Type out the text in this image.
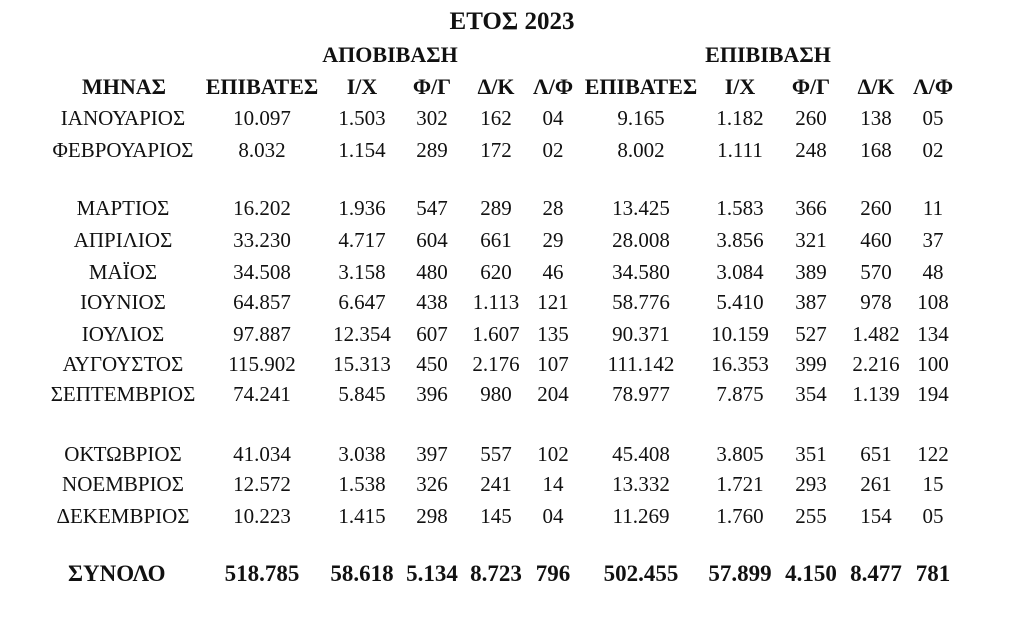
ΕΤΟΣ 2023
ΑΠΟΒΙΒΑΣΗ	ΕΠΙΒΙΒΑΣΗ
ΜΗΝΑΣ ΕΠΙΒΑΤΕΣ Ι/Χ Φ/Γ Δ/Κ Λ/Φ ΕΠΙΒΑΤΕΣ Ι/Χ Φ/Γ Δ/Κ Λ/Φ
ΙΑΝΟΥΑΡΙΟΣ	10.097 1.503 302 162 04	9.165 1.182 260 138 05
ΦΕΒΡΟΥΑΡΙΟΣ 8.032	1.154 289 172 02	8.002	1.111 248 168 02
ΜΑΡΤΙΟΣ	16.202 1.936 547 289 28 13.425 1.583 366 260 11
ΑΠΡΙΛΙΟΣ	33.230 4.717 604 661 29 28.008 3.856 321 460 37
ΜΑΪΟΣ	34.508 3.158 480 620 46 34.580 3.084 389 570 48
ΙΟΥΝΙΟΣ	64.857 6.647 438 1.113 121 58.776 5.410 387 978 108
ΙΟΥΛΙΟΣ	97.887 12.354 607 1.607 135 90.371 10.159 527 1.482 134
ΑΥΓΟΥΣΤΟΣ	115.902 15.313 450 2.176 107 111.142 16.353 399 2.216 100
ΣΕΠΤΕΜΒΡΙΟΣ 74.241 5.845 396 980 204 78.977 7.875 354 1.139 194
ΟΚΤΩΒΡΙΟΣ	41.034 3.038 397 557 102 45.408 3.805 351 651 122
ΝΟΕΜΒΡΙΟΣ	12.572 1.538 326 241 14 13.332 1.721 293 261 15
ΔΕΚΕΜΒΡΙΟΣ	10.223 1.415 298 145 04 11.269 1.760 255 154 05
ΣΥΝΟΛΟ	518.785 58.618 5.134 8.723 796 502.455 57.899 4.150 8.477 781
